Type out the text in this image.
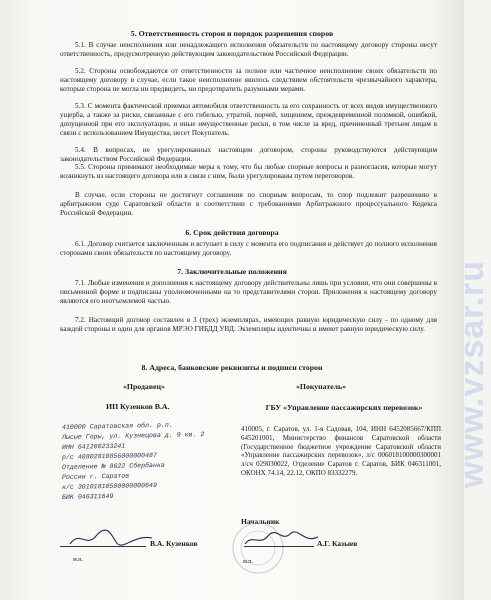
5. Ответственность сторон и порядок разрешения споров

5.1. В случае неисполнения или ненадлежащего исполнения обязательств по настоящему договору стороны несут ответственность, предусмотренную действующим законодательством Российской Федерации.

5.2. Стороны освобождаются от ответственности за полное или частичное неисполнение своих обязательств по настоящему договору в случае, если такое неисполнение явилось следствием обстоятельств чрезвычайного характера, которые сторона не могла ни предвидеть, ни предотвратить разумными мерами.

5.3. С момента фактической приемки автомобиля ответственность за его сохранность от всех видов имущественного ущерба, а также за риски, связанные с его гибелью, утратой, порчей, хищением, преждевременной поломкой, ошибкой, допущенной при его эксплуатации, и иные имущественные риски, в том числе за вред, причиненный третьим лицам в связи с использованием Имущества, несет Покупатель.

5.4. В вопросах, не урегулированных настоящим договором, стороны руководствуются действующим законодательством Российской Федерации.

5.5. Стороны принимают необходимые меры к тому, что бы любые спорные вопросы и разногласия, которые могут возникнуть из настоящего договора или в связи с ним, были урегулированы путем переговоров.

В случае, если стороны не достигнут соглашения по спорным вопросам, то спор подлежит разрешению в арбитражном суде Саратовской области в соответствии с требованиями Арбитражного процессуального Кодекса Российской Федерации.

6. Срок действия договора

6.1. Договор считается заключенным и вступает в силу с момента его подписания и действует до полного исполнения сторонами своих обязательств по настоящему договору.

7. Заключительные положения

7.1. Любые изменения и дополнения к настоящему договору действительны лишь при условии, что они совершены в письменной форме и подписаны уполномоченными на то представителями сторон. Приложения к настоящему договору являются его неотъемлемой частью.

7.2. Настоящий договор составлен в 3 (трех) экземплярах, имеющих равную юридическую силу - по одному для каждой стороны и один для органов МРЭО ГИБДД УВД. Экземпляры идентичны и имеют равную юридическую силу.

8. Адреса, банковские реквизиты и подписи сторон
«Продавец»	«Покупатель»
ИП Кузенков В.А.	ГБУ «Управление пассажирских перевозок»
410000 Саратовская обл. р.п.
Лысые Горы, ул. Кузнецова д. 9 кв. 2
ИНН 641200233241
р/с 40802810856000000487
Отделение № 8622 Сбербанка
России г. Саратов
к/с 30101810500000000649
БИК 046311649

410005, г. Саратов, ул. 1-я Садовая, 104, ИНН 6452085667/КПП 645201001, Министерство финансов Саратовской области (Государственное бюджетное учреждение Саратовской области «Управление пассажирских перевозок», л/с 006018100000300001 л/сч 029030022, Отделение Саратов г. Саратов, БИК 046311001, ОКОНХ 74.14, 22.12, ОКПО 83332279.

Начальник
В.А. Кузенков
м.п.
А.Г. Казыев
м.п.
www.vzsar.ru
